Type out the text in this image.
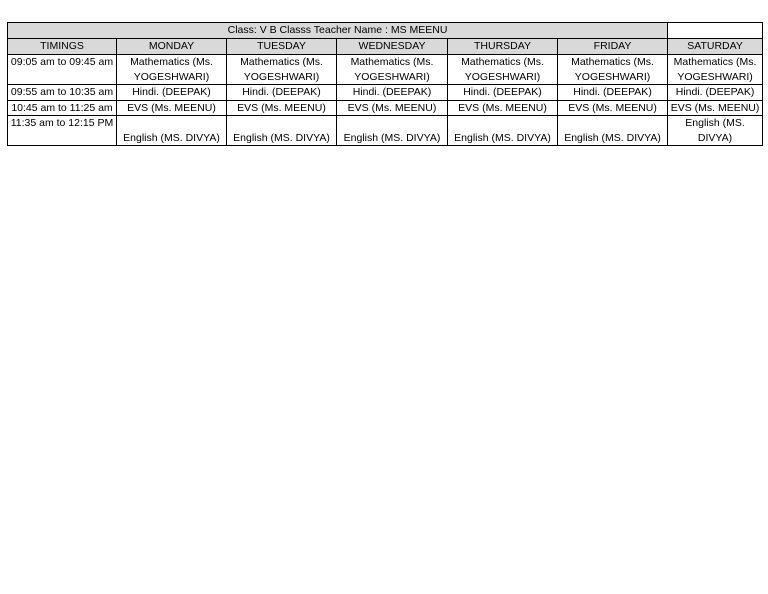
Class: V B Classs Teacher Name : MS MEENU						
TIMINGS	MONDAY	TUESDAY	WEDNESDAY	THURSDAY	FRIDAY	SATURDAY
09:05 am to 09:45 am	Mathematics (Ms. YOGESHWARI)	Mathematics (Ms. YOGESHWARI)	Mathematics (Ms. YOGESHWARI)	Mathematics (Ms. YOGESHWARI)	Mathematics (Ms. YOGESHWARI)	Mathematics (Ms. YOGESHWARI)
09:55 am to 10:35 am	Hindi. (DEEPAK)	Hindi. (DEEPAK)	Hindi. (DEEPAK)	Hindi. (DEEPAK)	Hindi. (DEEPAK)	Hindi. (DEEPAK)
10:45 am to 11:25 am	EVS (Ms. MEENU)	EVS (Ms. MEENU)	EVS (Ms. MEENU)	EVS (Ms. MEENU)	EVS (Ms. MEENU)	EVS (Ms. MEENU)
11:35 am to 12:15 PM	English (MS. DIVYA)	English (MS. DIVYA)	English (MS. DIVYA)	English (MS. DIVYA)	English (MS. DIVYA)	English (MS. DIVYA)
